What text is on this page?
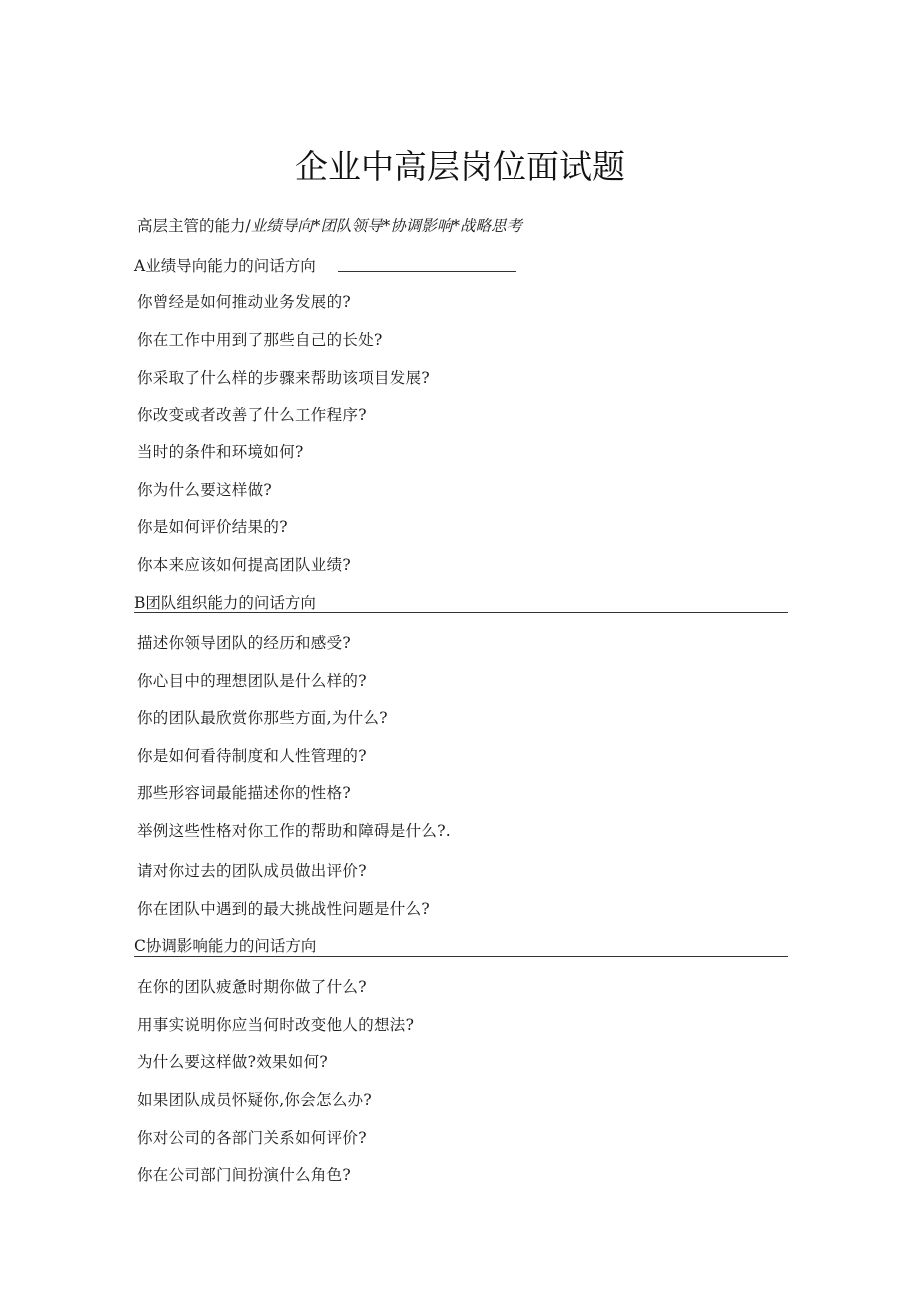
企业中高层岗位面试题
高层主管的能力/业绩导向*团队领导*协调影响*战略思考
A业绩导向能力的问话方向
你曾经是如何推动业务发展的?
你在工作中用到了那些自己的长处?
你采取了什么样的步骤来帮助该项目发展?
你改变或者改善了什么工作程序?
当时的条件和环境如何?
你为什么要这样做?
你是如何评价结果的?
你本来应该如何提高团队业绩?
B团队组织能力的问话方向
描述你领导团队的经历和感受?
你心目中的理想团队是什么样的?
你的团队最欣赏你那些方面,为什么?
你是如何看待制度和人性管理的?
那些形容词最能描述你的性格?
举例这些性格对你工作的帮助和障碍是什么?.
请对你过去的团队成员做出评价?
你在团队中遇到的最大挑战性问题是什么?
C协调影响能力的问话方向
在你的团队疲惫时期你做了什么?
用事实说明你应当何时改变他人的想法?
为什么要这样做?效果如何?
如果团队成员怀疑你,你会怎么办?
你对公司的各部门关系如何评价?
你在公司部门间扮演什么角色?
